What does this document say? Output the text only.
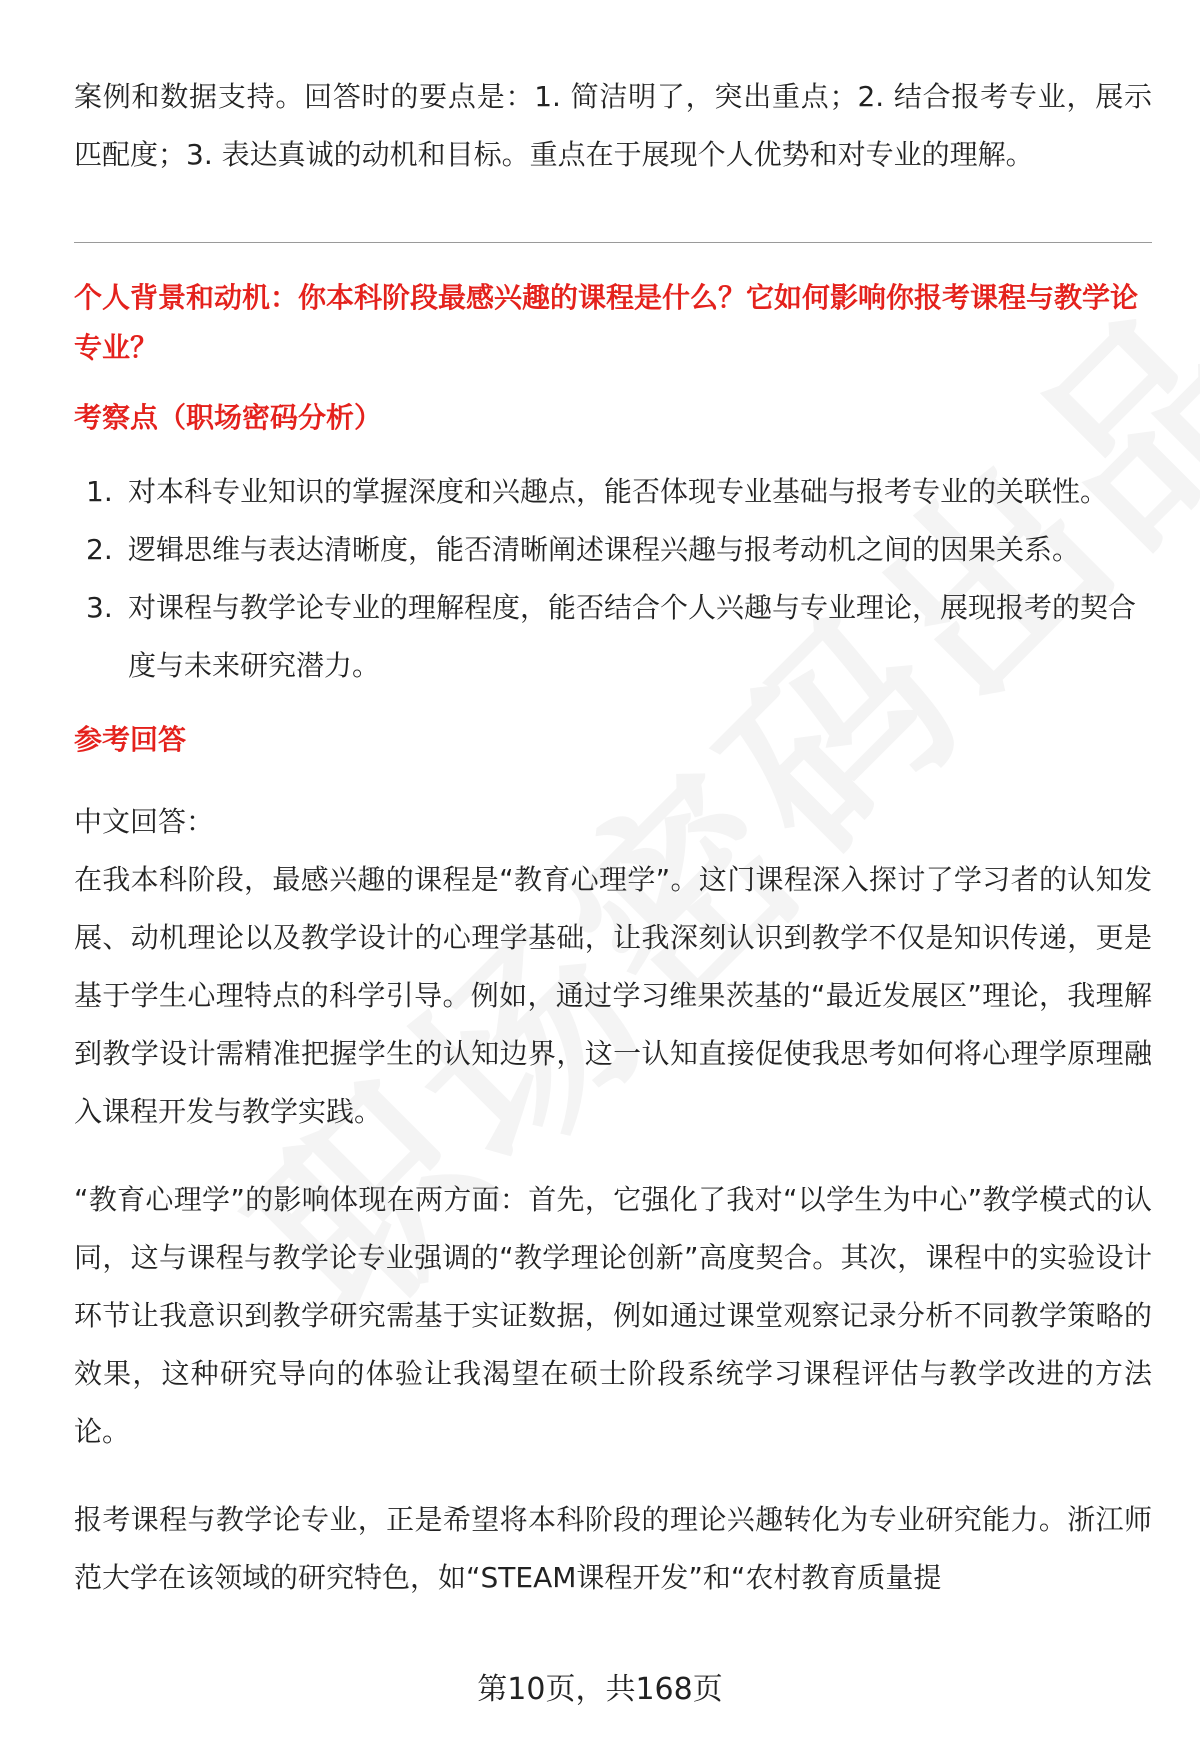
案例和数据支持。回答时的要点是：1. 简洁明了，突出重点；2. 结合报考专业，展示匹配度；3. 表达真诚的动机和目标。重点在于展现个人优势和对专业的理解。

个人背景和动机：你本科阶段最感兴趣的课程是什么？它如何影响你报考课程与教学论专业？

考察点（职场密码分析）

1. 对本科专业知识的掌握深度和兴趣点，能否体现专业基础与报考专业的关联性。
2. 逻辑思维与表达清晰度，能否清晰阐述课程兴趣与报考动机之间的因果关系。
3. 对课程与教学论专业的理解程度，能否结合个人兴趣与专业理论，展现报考的契合度与未来研究潜力。

参考回答

中文回答：

在我本科阶段，最感兴趣的课程是“教育心理学”。这门课程深入探讨了学习者的认知发展、动机理论以及教学设计的心理学基础，让我深刻认识到教学不仅是知识传递，更是基于学生心理特点的科学引导。例如，通过学习维果茨基的“最近发展区”理论，我理解到教学设计需精准把握学生的认知边界，这一认知直接促使我思考如何将心理学原理融入课程开发与教学实践。

“教育心理学”的影响体现在两方面：首先，它强化了我对“以学生为中心”教学模式的认同，这与课程与教学论专业强调的“教学理论创新”高度契合。其次，课程中的实验设计环节让我意识到教学研究需基于实证数据，例如通过课堂观察记录分析不同教学策略的效果，这种研究导向的体验让我渴望在硕士阶段系统学习课程评估与教学改进的方法论。

报考课程与教学论专业，正是希望将本科阶段的理论兴趣转化为专业研究能力。浙江师范大学在该领域的研究特色，如“STEAM课程开发”和“农村教育质量提

第10页，共168页
